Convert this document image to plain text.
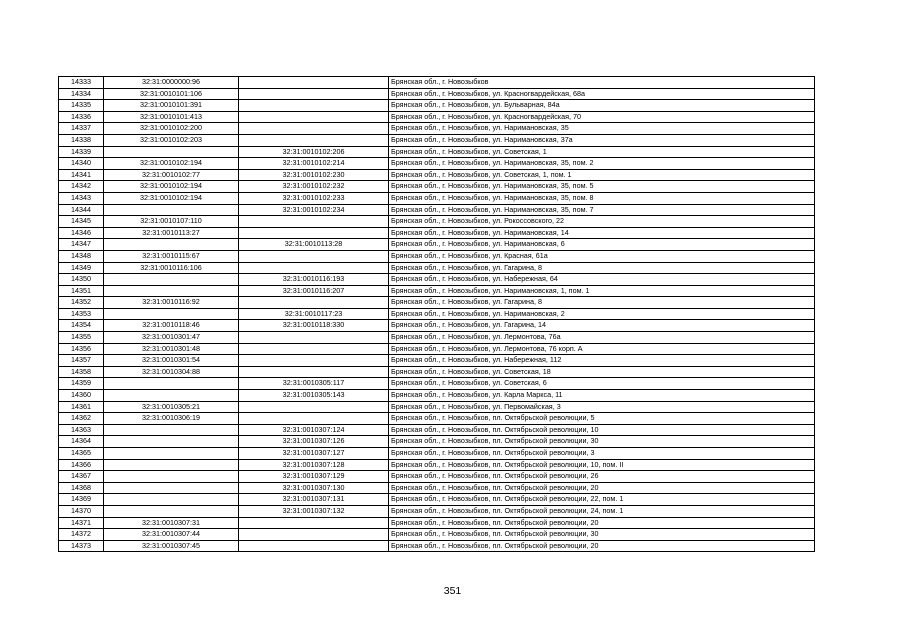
14333	32:31:0000000:96		Брянская обл., г. Новозыбков
14334	32:31:0010101:106		Брянская обл., г. Новозыбков, ул. Красногвардейская, 68а
14335	32:31:0010101:391		Брянская обл., г. Новозыбков, ул. Бульварная, 84а
14336	32:31:0010101:413		Брянская обл., г. Новозыбков, ул. Красногвардейская, 70
14337	32:31:0010102:200		Брянская обл., г. Новозыбков, ул. Наримановская, 35
14338	32:31:0010102:203		Брянская обл., г. Новозыбков, ул. Наримановская, 37а
14339		32:31:0010102:206	Брянская обл., г. Новозыбков, ул. Советская, 1
14340	32:31:0010102:194	32:31:0010102:214	Брянская обл., г. Новозыбков, ул. Наримановская, 35, пом. 2
14341	32:31:0010102:77	32:31:0010102:230	Брянская обл., г. Новозыбков, ул. Советская, 1, пом. 1
14342	32:31:0010102:194	32:31:0010102:232	Брянская обл., г. Новозыбков, ул. Наримановская, 35, пом. 5
14343	32:31:0010102:194	32:31:0010102:233	Брянская обл., г. Новозыбков, ул. Наримановская, 35, пом. 8
14344		32:31:0010102:234	Брянская обл., г. Новозыбков, ул. Наримановская, 35, пом. 7
14345	32:31:0010107:110		Брянская обл., г. Новозыбков, ул. Рокоссовского, 22
14346	32:31:0010113:27		Брянская обл., г. Новозыбков, ул. Наримановская, 14
14347		32:31:0010113:28	Брянская обл., г. Новозыбков, ул. Наримановская, 6
14348	32:31:0010115:67		Брянская обл., г. Новозыбков, ул. Красная, 61а
14349	32:31:0010116:106		Брянская обл., г. Новозыбков, ул. Гагарина, 8
14350		32:31:0010116:193	Брянская обл., г. Новозыбков, ул. Набережная, 64
14351		32:31:0010116:207	Брянская обл., г. Новозыбков, ул. Наримановская, 1, пом. 1
14352	32:31:0010116:92		Брянская обл., г. Новозыбков, ул. Гагарина, 8
14353		32:31:0010117:23	Брянская обл., г. Новозыбков, ул. Наримановская, 2
14354	32:31:0010118:46	32:31:0010118:330	Брянская обл., г. Новозыбков, ул. Гагарина, 14
14355	32:31:0010301:47		Брянская обл., г. Новозыбков, ул. Лермонтова, 76а
14356	32:31:0010301:48		Брянская обл., г. Новозыбков, ул. Лермонтова, 76 корп. А
14357	32:31:0010301:54		Брянская обл., г. Новозыбков, ул. Набережная, 112
14358	32:31:0010304:88		Брянская обл., г. Новозыбков, ул. Советская, 18
14359		32:31:0010305:117	Брянская обл., г. Новозыбков, ул. Советская, 6
14360		32:31:0010305:143	Брянская обл., г. Новозыбков, ул. Карла Маркса, 11
14361	32:31:0010305:21		Брянская обл., г. Новозыбков, ул. Первомайская, 3
14362	32:31:0010306:19		Брянская обл., г. Новозыбков, пл. Октябрьской революции, 5
14363		32:31:0010307:124	Брянская обл., г. Новозыбков, пл. Октябрьской революции, 10
14364		32:31:0010307:126	Брянская обл., г. Новозыбков, пл. Октябрьской революции, 30
14365		32:31:0010307:127	Брянская обл., г. Новозыбков, пл. Октябрьской революции, 3
14366		32:31:0010307:128	Брянская обл., г. Новозыбков, пл. Октябрьской революции, 10, пом. II
14367		32:31:0010307:129	Брянская обл., г. Новозыбков, пл. Октябрьской революции, 26
14368		32:31:0010307:130	Брянская обл., г. Новозыбков, пл. Октябрьской революции, 20
14369		32:31:0010307:131	Брянская обл., г. Новозыбков, пл. Октябрьской революции, 22, пом. 1
14370		32:31:0010307:132	Брянская обл., г. Новозыбков, пл. Октябрьской революции, 24, пом. 1
14371	32:31:0010307:31		Брянская обл., г. Новозыбков, пл. Октябрьской революции, 20
14372	32:31:0010307:44		Брянская обл., г. Новозыбков, пл. Октябрьской революции, 30
14373	32:31:0010307:45		Брянская обл., г. Новозыбков, пл. Октябрьской революции, 20
351
